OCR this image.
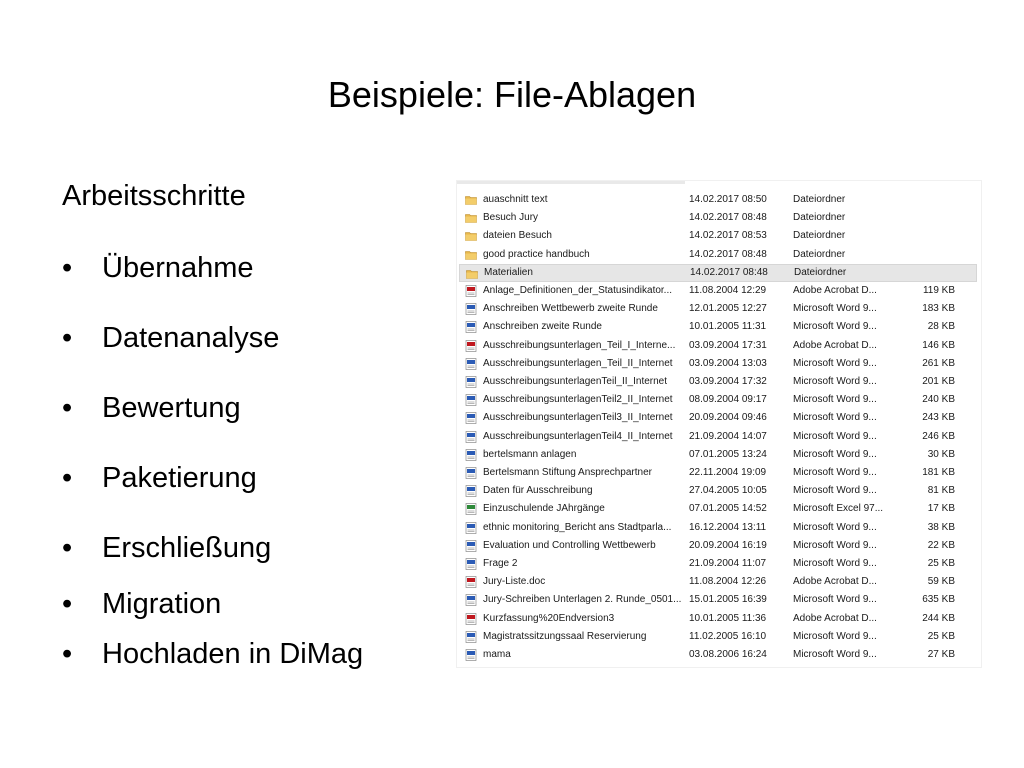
Beispiele: File-Ablagen
Arbeitsschritte
• Übernahme
• Datenanalyse
• Bewertung
• Paketierung
• Erschließung
• Migration
• Hochladen in DiMag
auaschnitt text	14.02.2017 08:50	Dateiordner
Besuch Jury	14.02.2017 08:48	Dateiordner
dateien Besuch	14.02.2017 08:53	Dateiordner
good practice handbuch	14.02.2017 08:48	Dateiordner
Materialien	14.02.2017 08:48	Dateiordner
Anlage_Definitionen_der_Statusindikator...	11.08.2004 12:29	Adobe Acrobat D...	119 KB
Anschreiben Wettbewerb zweite Runde	12.01.2005 12:27	Microsoft Word 9...	183 KB
Anschreiben zweite Runde	10.01.2005 11:31	Microsoft Word 9...	28 KB
Ausschreibungsunterlagen_Teil_I_Interne...	03.09.2004 17:31	Adobe Acrobat D...	146 KB
Ausschreibungsunterlagen_Teil_II_Internet	03.09.2004 13:03	Microsoft Word 9...	261 KB
AusschreibungsunterlagenTeil_II_Internet	03.09.2004 17:32	Microsoft Word 9...	201 KB
AusschreibungsunterlagenTeil2_II_Internet	08.09.2004 09:17	Microsoft Word 9...	240 KB
AusschreibungsunterlagenTeil3_II_Internet	20.09.2004 09:46	Microsoft Word 9...	243 KB
AusschreibungsunterlagenTeil4_II_Internet	21.09.2004 14:07	Microsoft Word 9...	246 KB
bertelsmann anlagen	07.01.2005 13:24	Microsoft Word 9...	30 KB
Bertelsmann Stiftung Ansprechpartner	22.11.2004 19:09	Microsoft Word 9...	181 KB
Daten für Ausschreibung	27.04.2005 10:05	Microsoft Word 9...	81 KB
Einzuschulende JAhrgänge	07.01.2005 14:52	Microsoft Excel 97...	17 KB
ethnic monitoring_Bericht ans Stadtparla...	16.12.2004 13:11	Microsoft Word 9...	38 KB
Evaluation und Controlling Wettbewerb	20.09.2004 16:19	Microsoft Word 9...	22 KB
Frage 2	21.09.2004 11:07	Microsoft Word 9...	25 KB
Jury-Liste.doc	11.08.2004 12:26	Adobe Acrobat D...	59 KB
Jury-Schreiben Unterlagen 2. Runde_0501... 15.01.2005 16:39	Microsoft Word 9...	635 KB
Kurzfassung%20Endversion3	10.01.2005 11:36	Adobe Acrobat D...	244 KB
Magistratssitzungssaal Reservierung	11.02.2005 16:10	Microsoft Word 9...	25 KB
mama	03.08.2006 16:24	Microsoft Word 9...	27 KB
